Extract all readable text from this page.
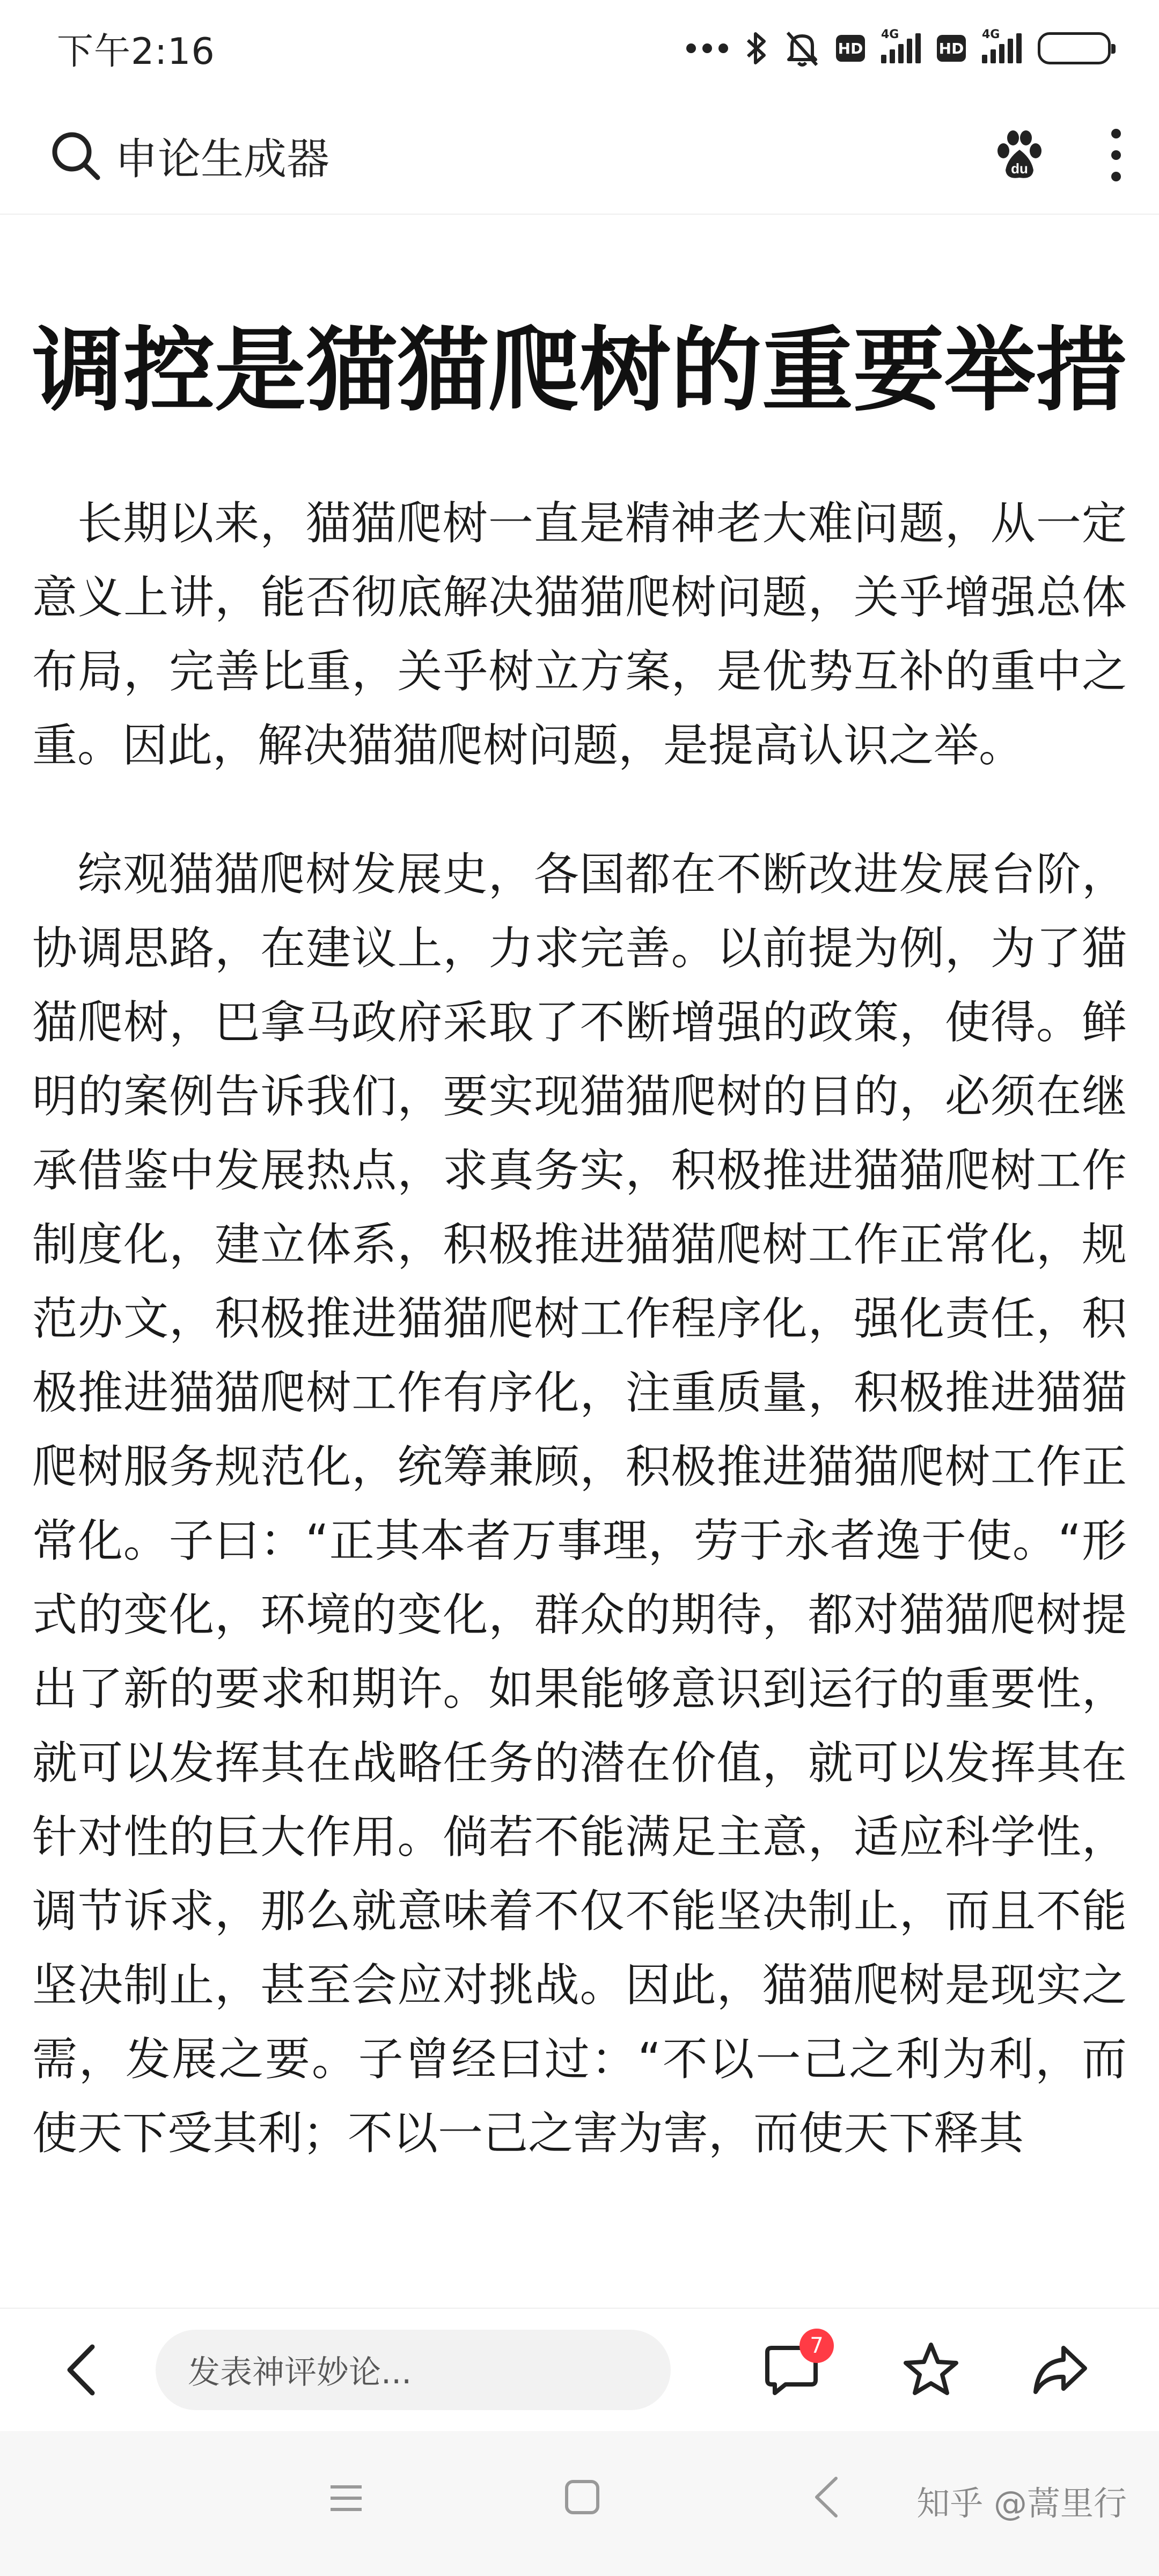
下午2:16	HD
4G
HD
4G
申论生成器	du
调控是猫猫爬树的重要举措

长期以来，猫猫爬树一直是精神老大难问题，从一定意义上讲，能否彻底解决猫猫爬树问题，关乎增强总体布局，完善比重，关乎树立方案，是优势互补的重中之重。因此，解决猫猫爬树问题，是提高认识之举。

综观猫猫爬树发展史，各国都在不断改进发展台阶，协调思路，在建议上，力求完善。以前提为例，为了猫猫爬树，巴拿马政府采取了不断增强的政策，使得。鲜明的案例告诉我们，要实现猫猫爬树的目的，必须在继承借鉴中发展热点，求真务实，积极推进猫猫爬树工作制度化，建立体系，积极推进猫猫爬树工作正常化，规范办文，积极推进猫猫爬树工作程序化，强化责任，积极推进猫猫爬树工作有序化，注重质量，积极推进猫猫爬树服务规范化，统筹兼顾，积极推进猫猫爬树工作正常化。子曰：“正其本者万事理，劳于永者逸于使。“形式的变化，环境的变化，群众的期待，都对猫猫爬树提出了新的要求和期许。如果能够意识到运行的重要性，就可以发挥其在战略任务的潜在价值，就可以发挥其在针对性的巨大作用。倘若不能满足主意，适应科学性，调节诉求，那么就意味着不仅不能坚决制止，而且不能坚决制止，甚至会应对挑战。因此，猫猫爬树是现实之需，发展之要。子曾经曰过：“不以一己之利为利，而使天下受其利；不以一己之害为害，而使天下释其

发表神评妙论...
7
知乎 @蒿里行
